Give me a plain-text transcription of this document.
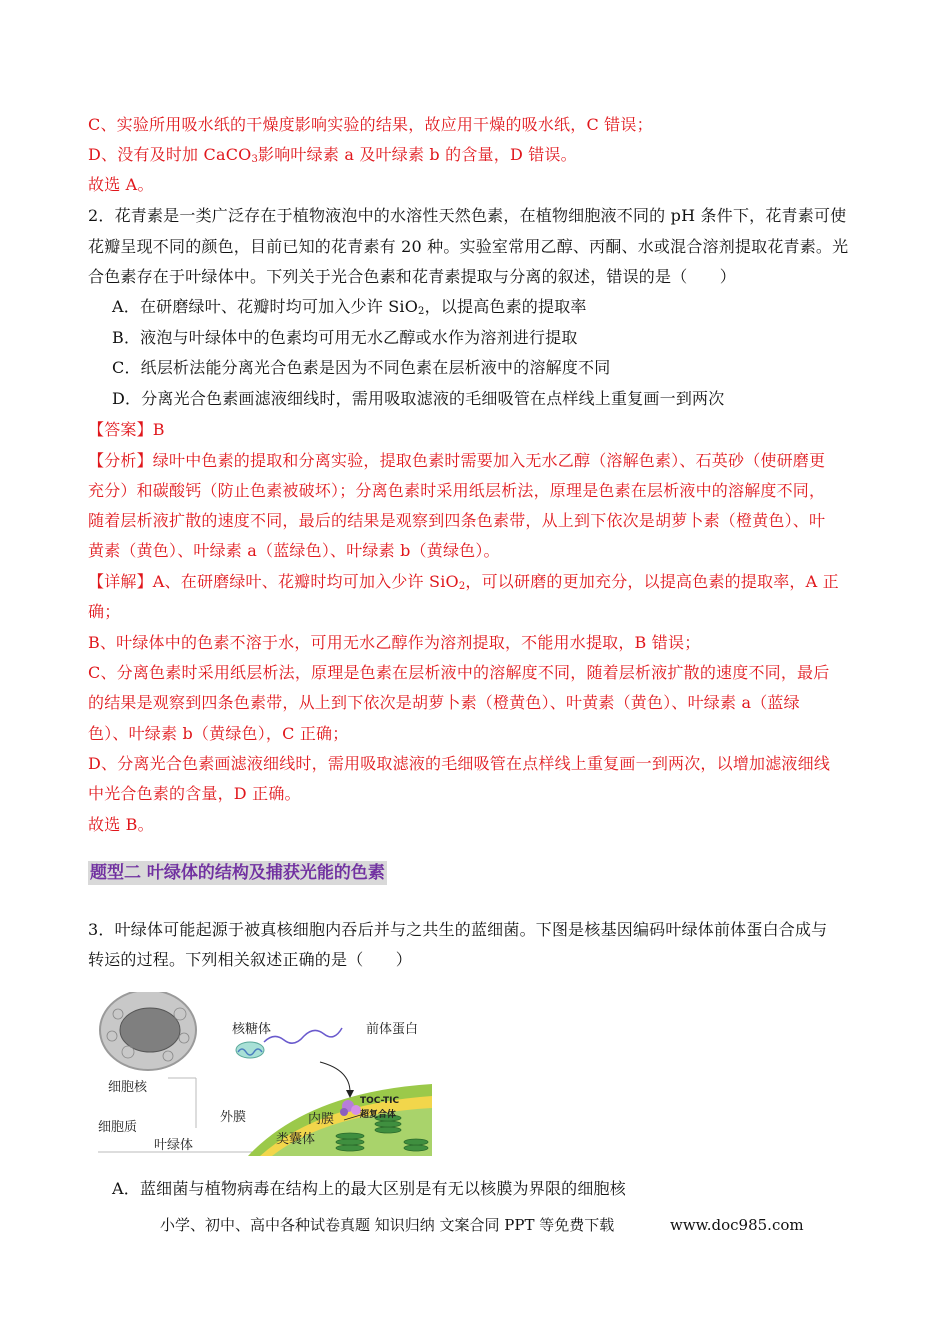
C、实验所用吸水纸的干燥度影响实验的结果，故应用干燥的吸水纸，C 错误；
D、没有及时加 CaCO$_3$影响叶绿素 a 及叶绿素 b 的含量，D 错误。
故选 A。
2．花青素是一类广泛存在于植物液泡中的水溶性天然色素，在植物细胞液不同的 pH 条件下，花青素可使
花瓣呈现不同的颜色，目前已知的花青素有 20 种。实验室常用乙醇、丙酮、水或混合溶剂提取花青素。光
合色素存在于叶绿体中。下列关于光合色素和花青素提取与分离的叙述，错误的是（　　）
A．在研磨绿叶、花瓣时均可加入少许 SiO$_2$，以提高色素的提取率
B．液泡与叶绿体中的色素均可用无水乙醇或水作为溶剂进行提取
C．纸层析法能分离光合色素是因为不同色素在层析液中的溶解度不同
D．分离光合色素画滤液细线时，需用吸取滤液的毛细吸管在点样线上重复画一到两次
【答案】B
【分析】绿叶中色素的提取和分离实验，提取色素时需要加入无水乙醇（溶解色素）、石英砂（使研磨更
充分）和碳酸钙（防止色素被破坏）；分离色素时采用纸层析法，原理是色素在层析液中的溶解度不同，
随着层析液扩散的速度不同，最后的结果是观察到四条色素带，从上到下依次是胡萝卜素（橙黄色）、叶
黄素（黄色）、叶绿素 a（蓝绿色）、叶绿素 b（黄绿色）。
【详解】A、在研磨绿叶、花瓣时均可加入少许 SiO$_2$，可以研磨的更加充分，以提高色素的提取率，A 正
确；
B、叶绿体中的色素不溶于水，可用无水乙醇作为溶剂提取，不能用水提取，B 错误；
C、分离色素时采用纸层析法，原理是色素在层析液中的溶解度不同，随着层析液扩散的速度不同，最后
的结果是观察到四条色素带，从上到下依次是胡萝卜素（橙黄色）、叶黄素（黄色）、叶绿素 a（蓝绿
色）、叶绿素 b（黄绿色），C 正确；
D、分离光合色素画滤液细线时，需用吸取滤液的毛细吸管在点样线上重复画一到两次，以增加滤液细线
中光合色素的含量，D 正确。
故选 B。
题型二 叶绿体的结构及捕获光能的色素
3．叶绿体可能起源于被真核细胞内吞后并与之共生的蓝细菌。下图是核基因编码叶绿体前体蛋白合成与
转运的过程。下列相关叙述正确的是（　　）
核糖体	前体蛋白
细胞核
TOC-TIC
超复合体
外膜	内膜
细胞质
类囊体
叶绿体
A．蓝细菌与植物病毒在结构上的最大区别是有无以核膜为界限的细胞核
小学、初中、高中各种试卷真题 知识归纳 文案合同 PPT 等免费下载	www.doc985.com
